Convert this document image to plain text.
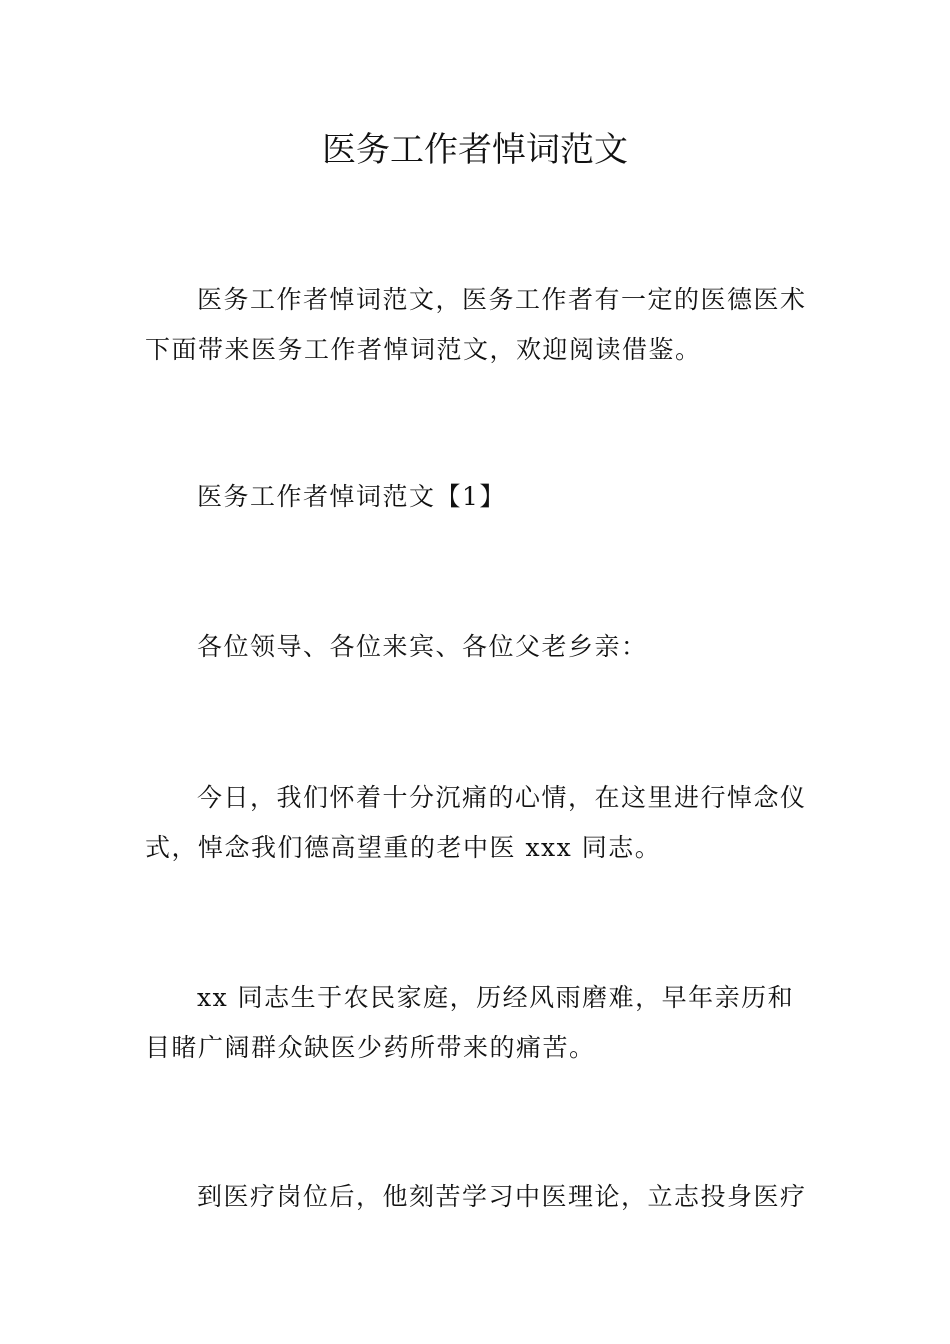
医务工作者悼词范文

医务工作者悼词范文，医务工作者有一定的医德医术下面带来医务工作者悼词范文，欢迎阅读借鉴。

医务工作者悼词范文【1】

各位领导、各位来宾、各位父老乡亲：

今日，我们怀着十分沉痛的心情，在这里进行悼念仪式，悼念我们德高望重的老中医 xxx 同志。

xx 同志生于农民家庭，历经风雨磨难，早年亲历和目睹广阔群众缺医少药所带来的痛苦。

到医疗岗位后，他刻苦学习中医理论，立志投身医疗
